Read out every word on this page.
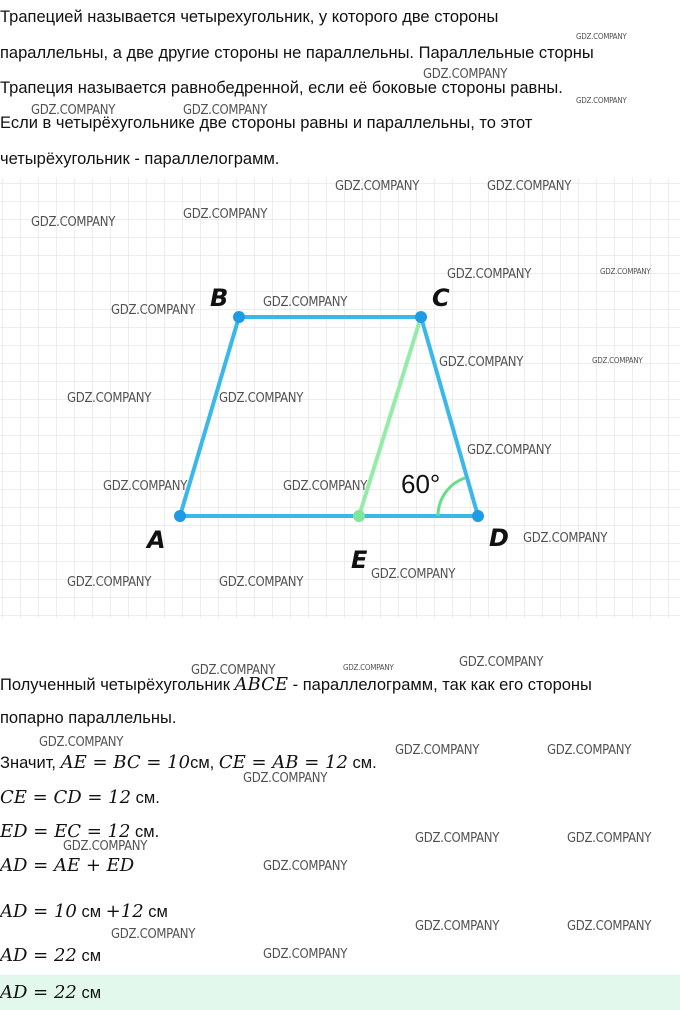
Трапецией называется четырехугольник, у которого две стороны
параллельны, а две другие стороны не параллельны. Параллельные сторны
Трапеция называется равнобедренной, если её боковые стороны равны.
Если в четырёхугольнике две стороны равны и параллельны, то этот
четырёхугольник - параллелограмм.
A
B	C
D
E
60°
Полученный четырёхугольник ABCE - параллелограмм, так как его стороны
попарно параллельны.
Значит, AE = BC = 10см, CE = AB = 12 см.
CE = CD = 12 см.
ED = EC = 12 см.
AD = AE + ED
AD = 10 см +12 см
AD = 22 см
AD = 22 см
GDZ.COMPANY
GDZ.COMPANY
GDZ.COMPANY
GDZ.COMPANY	GDZ.COMPANY
GDZ.COMPANY	GDZ.COMPANY
GDZ.COMPANY
GDZ.COMPANY
GDZ.COMPANY	GDZ.COMPANY
GDZ.COMPANY
GDZ.COMPANY
GDZ.COMPANY	GDZ.COMPANY
GDZ.COMPANY	GDZ.COMPANY
GDZ.COMPANY
GDZ.COMPANY	GDZ.COMPANY
GDZ.COMPANY
GDZ.COMPANY
GDZ.COMPANY	GDZ.COMPANY
GDZ.COMPANY
GDZ.COMPANY	GDZ.COMPANY
GDZ.COMPANY
GDZ.COMPANY	GDZ.COMPANY
GDZ.COMPANY
GDZ.COMPANY	GDZ.COMPANY
GDZ.COMPANY
GDZ.COMPANY
GDZ.COMPANY	GDZ.COMPANY
GDZ.COMPANY
GDZ.COMPANY
